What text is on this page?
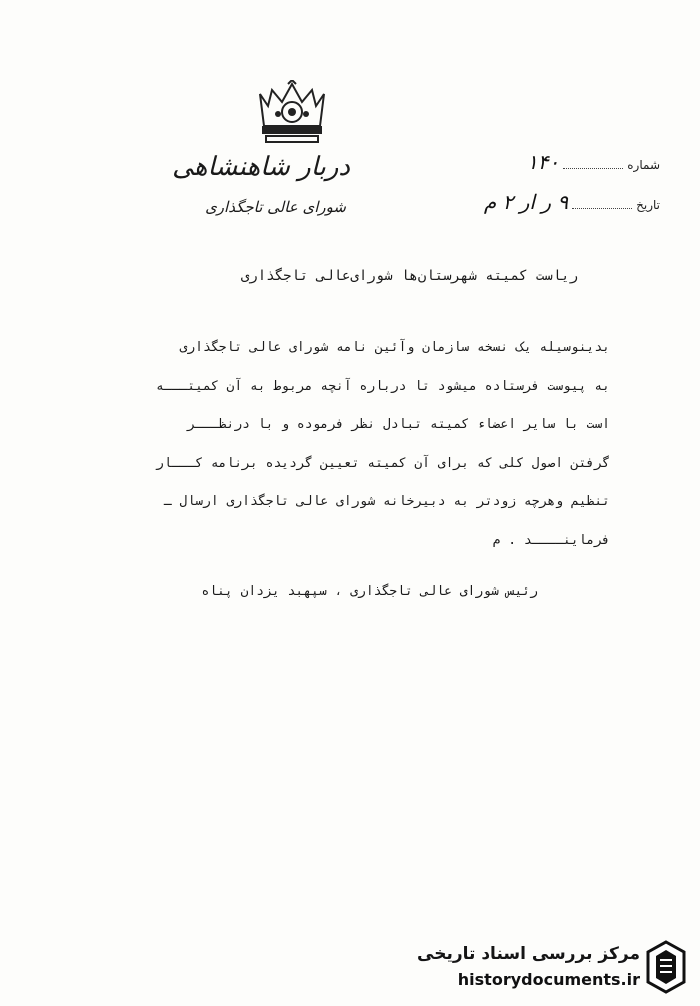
دربار شاهنشاهی
شورای عالی تاجگذاری
شماره
۱۴۰
تاریخ
۹ ر ار ۲ م
ریاست کمیته شهرستان‌ها شورای‌عالی تاجگذاری
بدینوسیله یک نسخه سازمان وآئین نامه شورای عالی تاجگذاری
به پیوست فرستاده میشود تا درباره آنچه مربوط به آن کمیتـــه
است با سایر اعضاء کمیته تبادل نظر فرموده و با درنظـــر
گرفتن اصول کلی که برای آن کمیته تعیین گردیده برنامه کـــار
تنظیم وهرچه زودتر به دبیرخانه شورای عالی تاجگذاری ارسال ـ
فرماینــــد . م
رئیس شورای عالی تاجگذاری ، سپهبد یزدان پناه
مرکز بررسی اسناد تاریخی
historydocuments.ir
